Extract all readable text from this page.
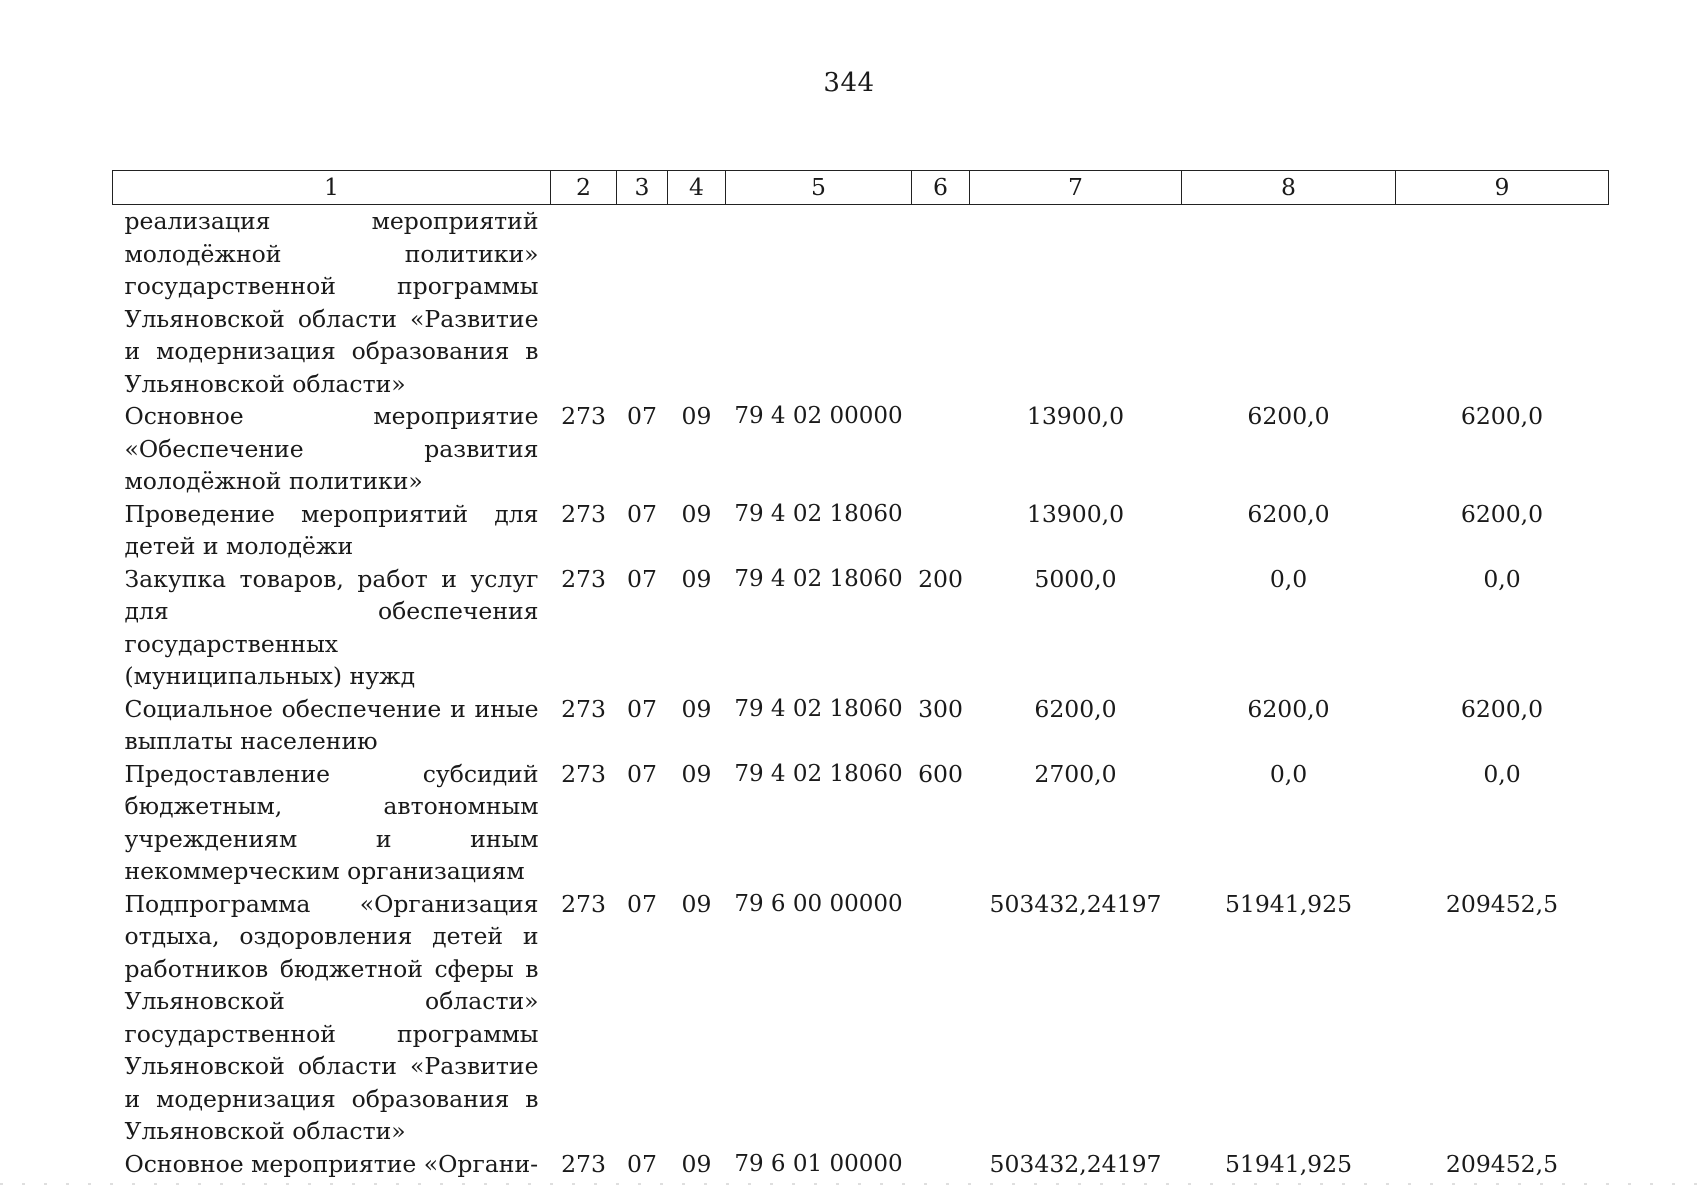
344
1	2	3	4	5	6	7	8	9
реализация мероприятий молодёжной политики» государственной программы Ульяновской области «Развитие и модернизация образования в Ульяновской области»								
Основное мероприятие «Обеспечение развития молодёжной политики»	273	07	09	79 4 02 00000		13900,0	6200,0	6200,0
Проведение мероприятий для детей и молодёжи	273	07	09	79 4 02 18060		13900,0	6200,0	6200,0
Закупка товаров, работ и услуг для обеспечения государственных (муниципальных) нужд	273	07	09	79 4 02 18060	200	5000,0	0,0	0,0
Социальное обеспечение и иные выплаты населению	273	07	09	79 4 02 18060	300	6200,0	6200,0	6200,0
Предоставление субсидий бюджетным, автономным учреждениям и иным некоммерческим организациям	273	07	09	79 4 02 18060	600	2700,0	0,0	0,0
Подпрограмма «Организация отдыха, оздоровления детей и работников бюджетной сферы в Ульяновской области» государственной программы Ульяновской области «Развитие и модернизация образования в Ульяновской области»	273	07	09	79 6 00 00000		503432,24197	51941,925	209452,5
Основное мероприятие «Органи-	273	07	09	79 6 01 00000		503432,24197	51941,925	209452,5
